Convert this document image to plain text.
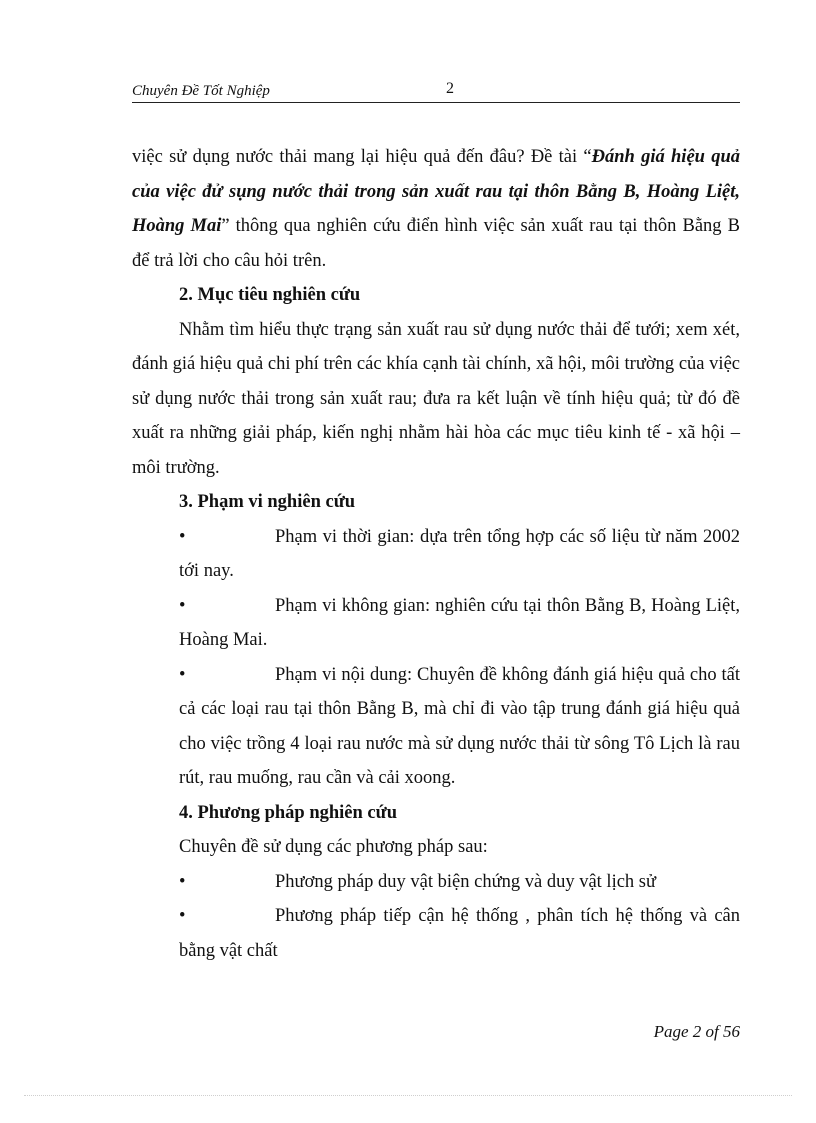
Chuyên Đề Tốt Nghiệp	2

việc sử dụng nước thải mang lại hiệu quả đến đâu? Đề tài “Đánh giá hiệu quả của việc đử sụng nước thải trong sản xuất rau tại thôn Bằng B, Hoàng Liệt, Hoàng Mai” thông qua nghiên cứu điển hình việc sản xuất rau tại thôn Bằng B để trả lời cho câu hỏi trên.

2. Mục tiêu nghiên cứu

Nhằm tìm hiểu thực trạng sản xuất rau sử dụng nước thải để tưới; xem xét, đánh giá hiệu quả chi phí trên các khía cạnh tài chính, xã hội, môi trường của việc sử dụng nước thải trong sản xuất rau; đưa ra kết luận về tính hiệu quả; từ đó đề xuất ra những giải pháp, kiến nghị nhằm hài hòa các mục tiêu kinh tế - xã hội – môi trường.

3. Phạm vi nghiên cứu

•	Phạm vi thời gian: dựa trên tổng hợp các số liệu từ năm 2002 tới nay.

•	Phạm vi không gian: nghiên cứu tại thôn Bằng B, Hoàng Liệt, Hoàng Mai.

•	Phạm vi nội dung: Chuyên đề không đánh giá hiệu quả cho tất cả các loại rau tại thôn Bằng B, mà chỉ đi vào tập trung đánh giá hiệu quả cho việc trồng 4 loại rau nước mà sử dụng nước thải từ sông Tô Lịch là rau rút, rau muống, rau cần và cải xoong.

4. Phương pháp nghiên cứu

Chuyên đề sử dụng các phương pháp sau:

•	Phương pháp duy vật biện chứng và duy vật lịch sử

•	Phương pháp tiếp cận hệ thống , phân tích hệ thống và cân bằng vật chất

Page 2 of 56
